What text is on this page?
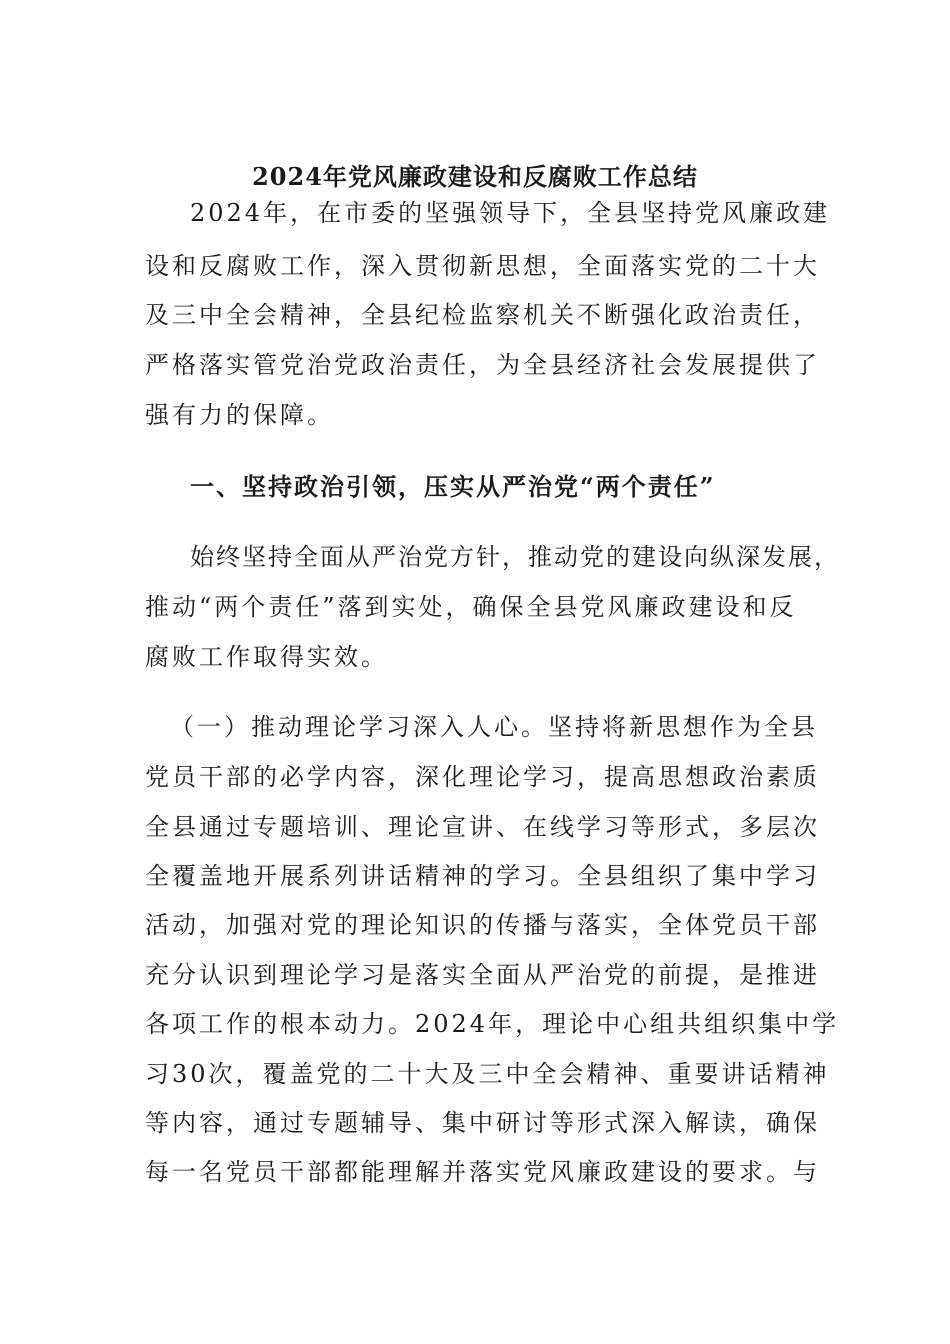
2024年党风廉政建设和反腐败工作总结
2024年，在市委的坚强领导下，全县坚持党风廉政建
设和反腐败工作，深入贯彻新思想，全面落实党的二十大
及三中全会精神，全县纪检监察机关不断强化政治责任，
严格落实管党治党政治责任，为全县经济社会发展提供了
强有力的保障。
一、坚持政治引领，压实从严治党“两个责任”
始终坚持全面从严治党方针，推动党的建设向纵深发展，
推动“两个责任”落到实处，确保全县党风廉政建设和反
腐败工作取得实效。
（一）推动理论学习深入人心。坚持将新思想作为全县
党员干部的必学内容，深化理论学习，提高思想政治素质
全县通过专题培训、理论宣讲、在线学习等形式，多层次
全覆盖地开展系列讲话精神的学习。全县组织了集中学习
活动，加强对党的理论知识的传播与落实，全体党员干部
充分认识到理论学习是落实全面从严治党的前提，是推进
各项工作的根本动力。2024年，理论中心组共组织集中学
习30次，覆盖党的二十大及三中全会精神、重要讲话精神
等内容，通过专题辅导、集中研讨等形式深入解读，确保
每一名党员干部都能理解并落实党风廉政建设的要求。与
